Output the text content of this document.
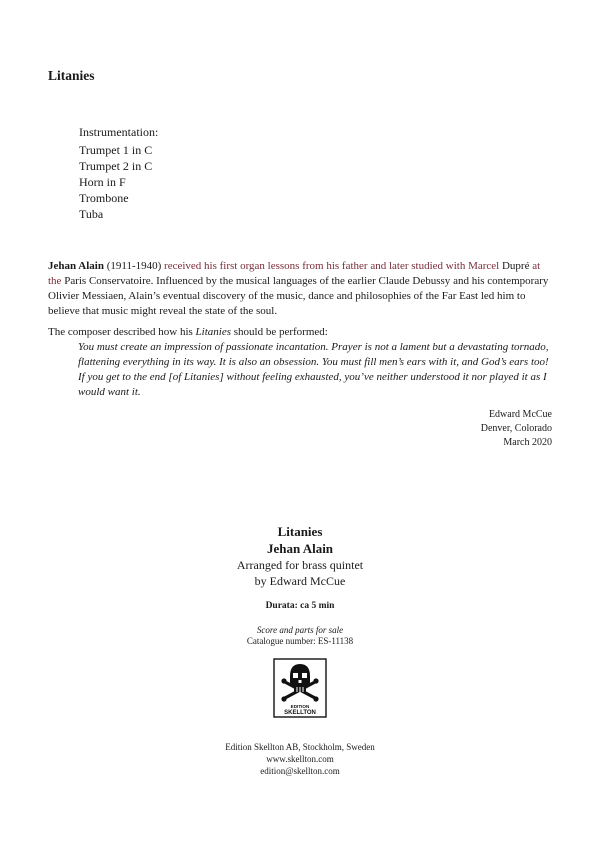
Litanies
Instrumentation:
Trumpet 1 in C
Trumpet 2 in C
Horn in F
Trombone
Tuba
Jehan Alain (1911-1940) received his first organ lessons from his father and later studied with Marcel Dupré at the Paris Conservatoire. Influenced by the musical languages of the earlier Claude Debussy and his contemporary Olivier Messiaen, Alain’s eventual discovery of the music, dance and philosophies of the Far East led him to believe that music might reveal the state of the soul.
The composer described how his Litanies should be performed:
You must create an impression of passionate incantation. Prayer is not a lament but a devastating tornado, flattening everything in its way. It is also an obsession. You must fill men’s ears with it, and God’s ears too! If you get to the end [of Litanies] without feeling exhausted, you’ve neither understood it nor played it as I would want it.
Edward McCue
Denver, Colorado
March 2020
Litanies
Jehan Alain
Arranged for brass quintet
by Edward McCue
Durata: ca 5 min
Score and parts for sale
Catalogue number: ES-11138
EDITION
SKELLTON
Edition Skellton AB, Stockholm, Sweden
www.skellton.com
edition@skellton.com
